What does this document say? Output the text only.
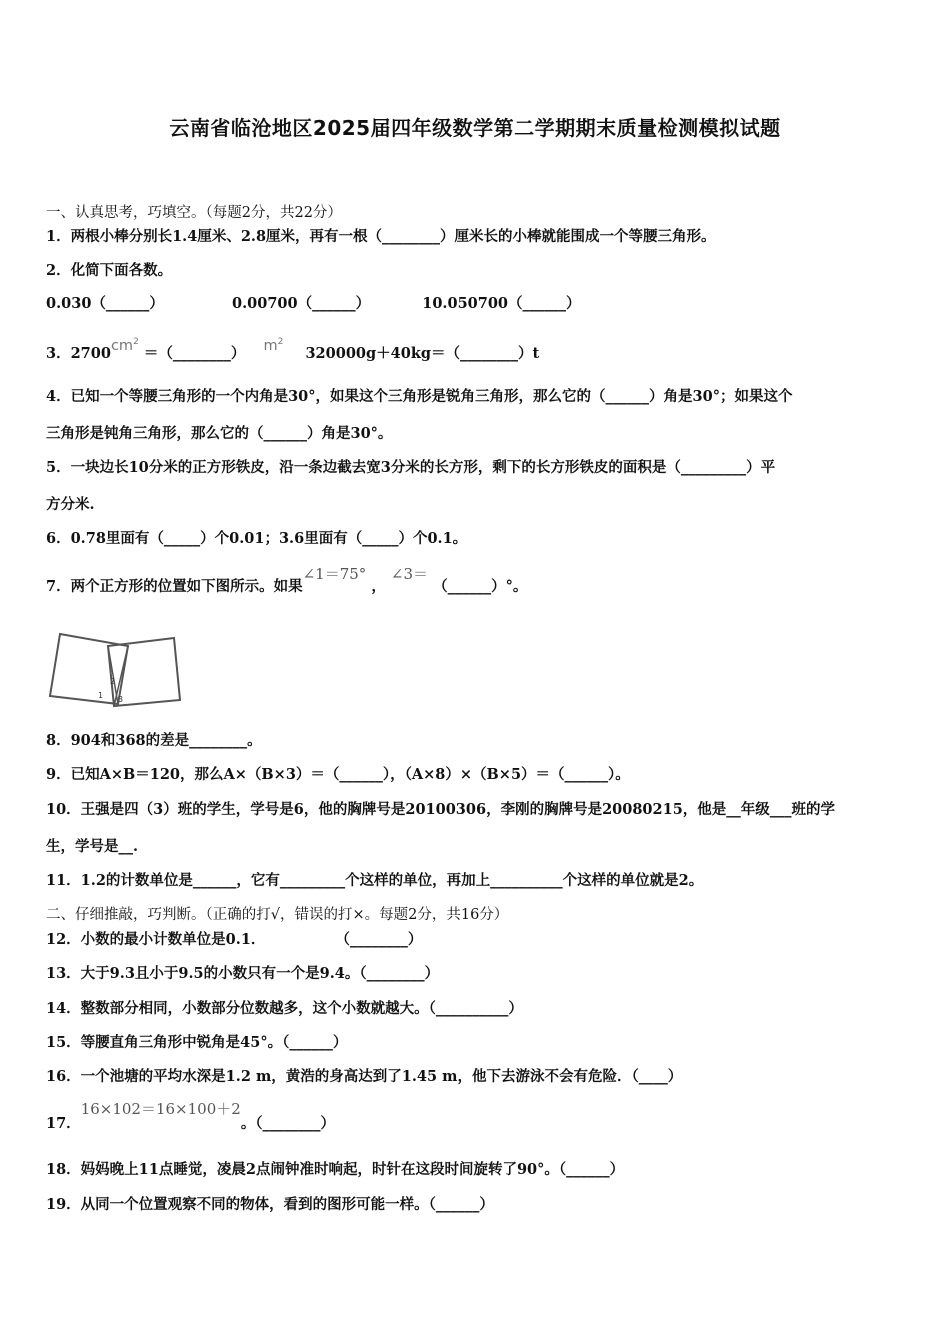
云南省临沧地区2025届四年级数学第二学期期末质量检测模拟试题
一、认真思考，巧填空。（每题2分，共22分）
1．两根小棒分别长1.4厘米、2.8厘米，再有一根（________）厘米长的小棒就能围成一个等腰三角形。
2．化简下面各数。
0.030（______）	0.00700（______）	10.050700（______）
3．$2700cm^2$ ＝（________） $m^2$  320000g＋40kg＝（________）t
4．已知一个等腰三角形的一个内角是30°，如果这个三角形是锐角三角形，那么它的（______）角是30°；如果这个
三角形是钝角三角形，那么它的（______）角是30°。
5．一块边长10分米的正方形铁皮，沿一条边截去宽3分米的长方形，剩下的长方形铁皮的面积是（_________）平
方分米.
6．0.78里面有（_____）个0.01；3.6里面有（_____）个0.1。
7．两个正方形的位置如下图所示。如果∠1＝75° ， ∠3＝ （______）°。
1
2
3
8．904和368的差是________。
9．已知A×B＝120，那么A×（B×3）＝（______），（A×8）×（B×5）＝（______）。
10．王强是四（3）班的学生，学号是6，他的胸牌号是20100306，李刚的胸牌号是20080215，他是__年级___班的学
生，学号是__.
11．1.2的计数单位是______，它有_________个这样的单位，再加上__________个这样的单位就是2。
二、仔细推敲，巧判断。（正确的打√，错误的打×。每题2分，共16分）
12．小数的最小计数单位是0.1．	（________）
13．大于9.3且小于9.5的小数只有一个是9.4。（________）
14．整数部分相同，小数部分位数越多，这个小数就越大。（__________）
15．等腰直角三角形中锐角是45°。（______）
16．一个池塘的平均水深是1.2 m，黄浩的身高达到了1.45 m，他下去游泳不会有危险．（____）
17．16×102＝16×100＋2。（________）
18．妈妈晚上11点睡觉，凌晨2点闹钟准时响起，时针在这段时间旋转了90°。（______）
19．从同一个位置观察不同的物体，看到的图形可能一样。（______）
